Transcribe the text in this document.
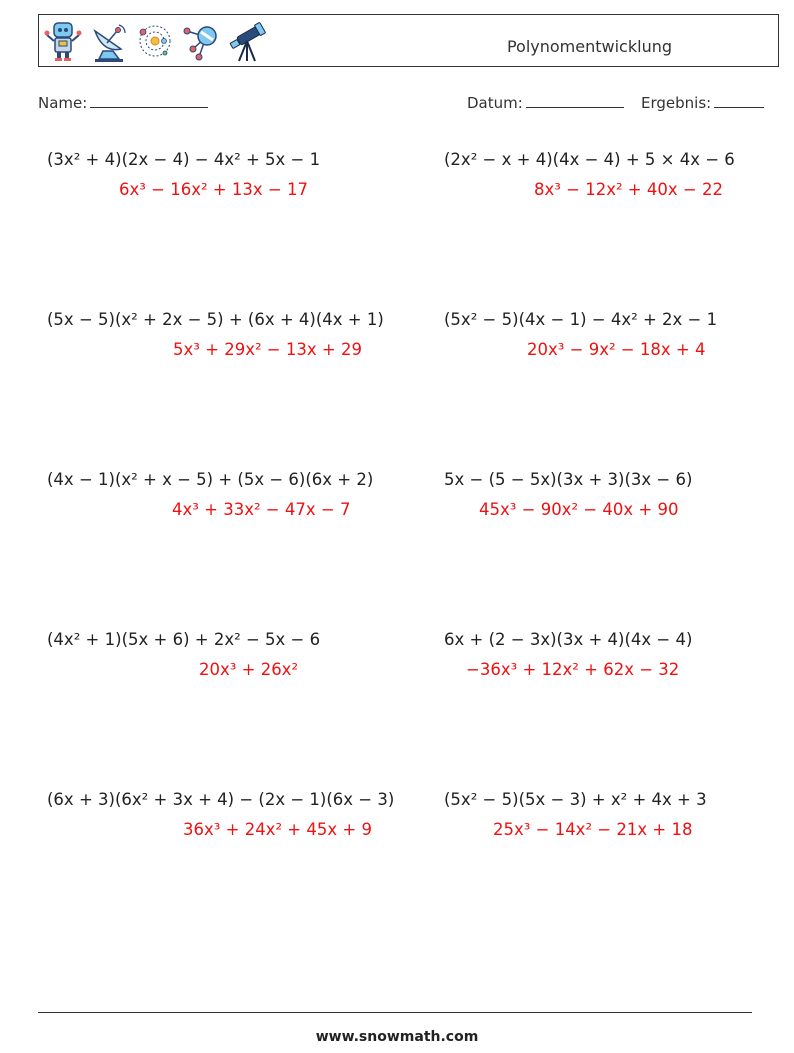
Polynomentwicklung
Name:	Datum:	Ergebnis:
(3x² + 4)(2x − 4) − 4x² + 5x − 1
6x³ − 16x² + 13x − 17
(5x − 5)(x² + 2x − 5) + (6x + 4)(4x + 1)
5x³ + 29x² − 13x + 29
(4x − 1)(x² + x − 5) + (5x − 6)(6x + 2)
4x³ + 33x² − 47x − 7
(4x² + 1)(5x + 6) + 2x² − 5x − 6
20x³ + 26x²
(6x + 3)(6x² + 3x + 4) − (2x − 1)(6x − 3)
36x³ + 24x² + 45x + 9
(2x² − x + 4)(4x − 4) + 5 × 4x − 6
8x³ − 12x² + 40x − 22
(5x² − 5)(4x − 1) − 4x² + 2x − 1
20x³ − 9x² − 18x + 4
5x − (5 − 5x)(3x + 3)(3x − 6)
45x³ − 90x² − 40x + 90
6x + (2 − 3x)(3x + 4)(4x − 4)
−36x³ + 12x² + 62x − 32
(5x² − 5)(5x − 3) + x² + 4x + 3
25x³ − 14x² − 21x + 18
www.snowmath.com
